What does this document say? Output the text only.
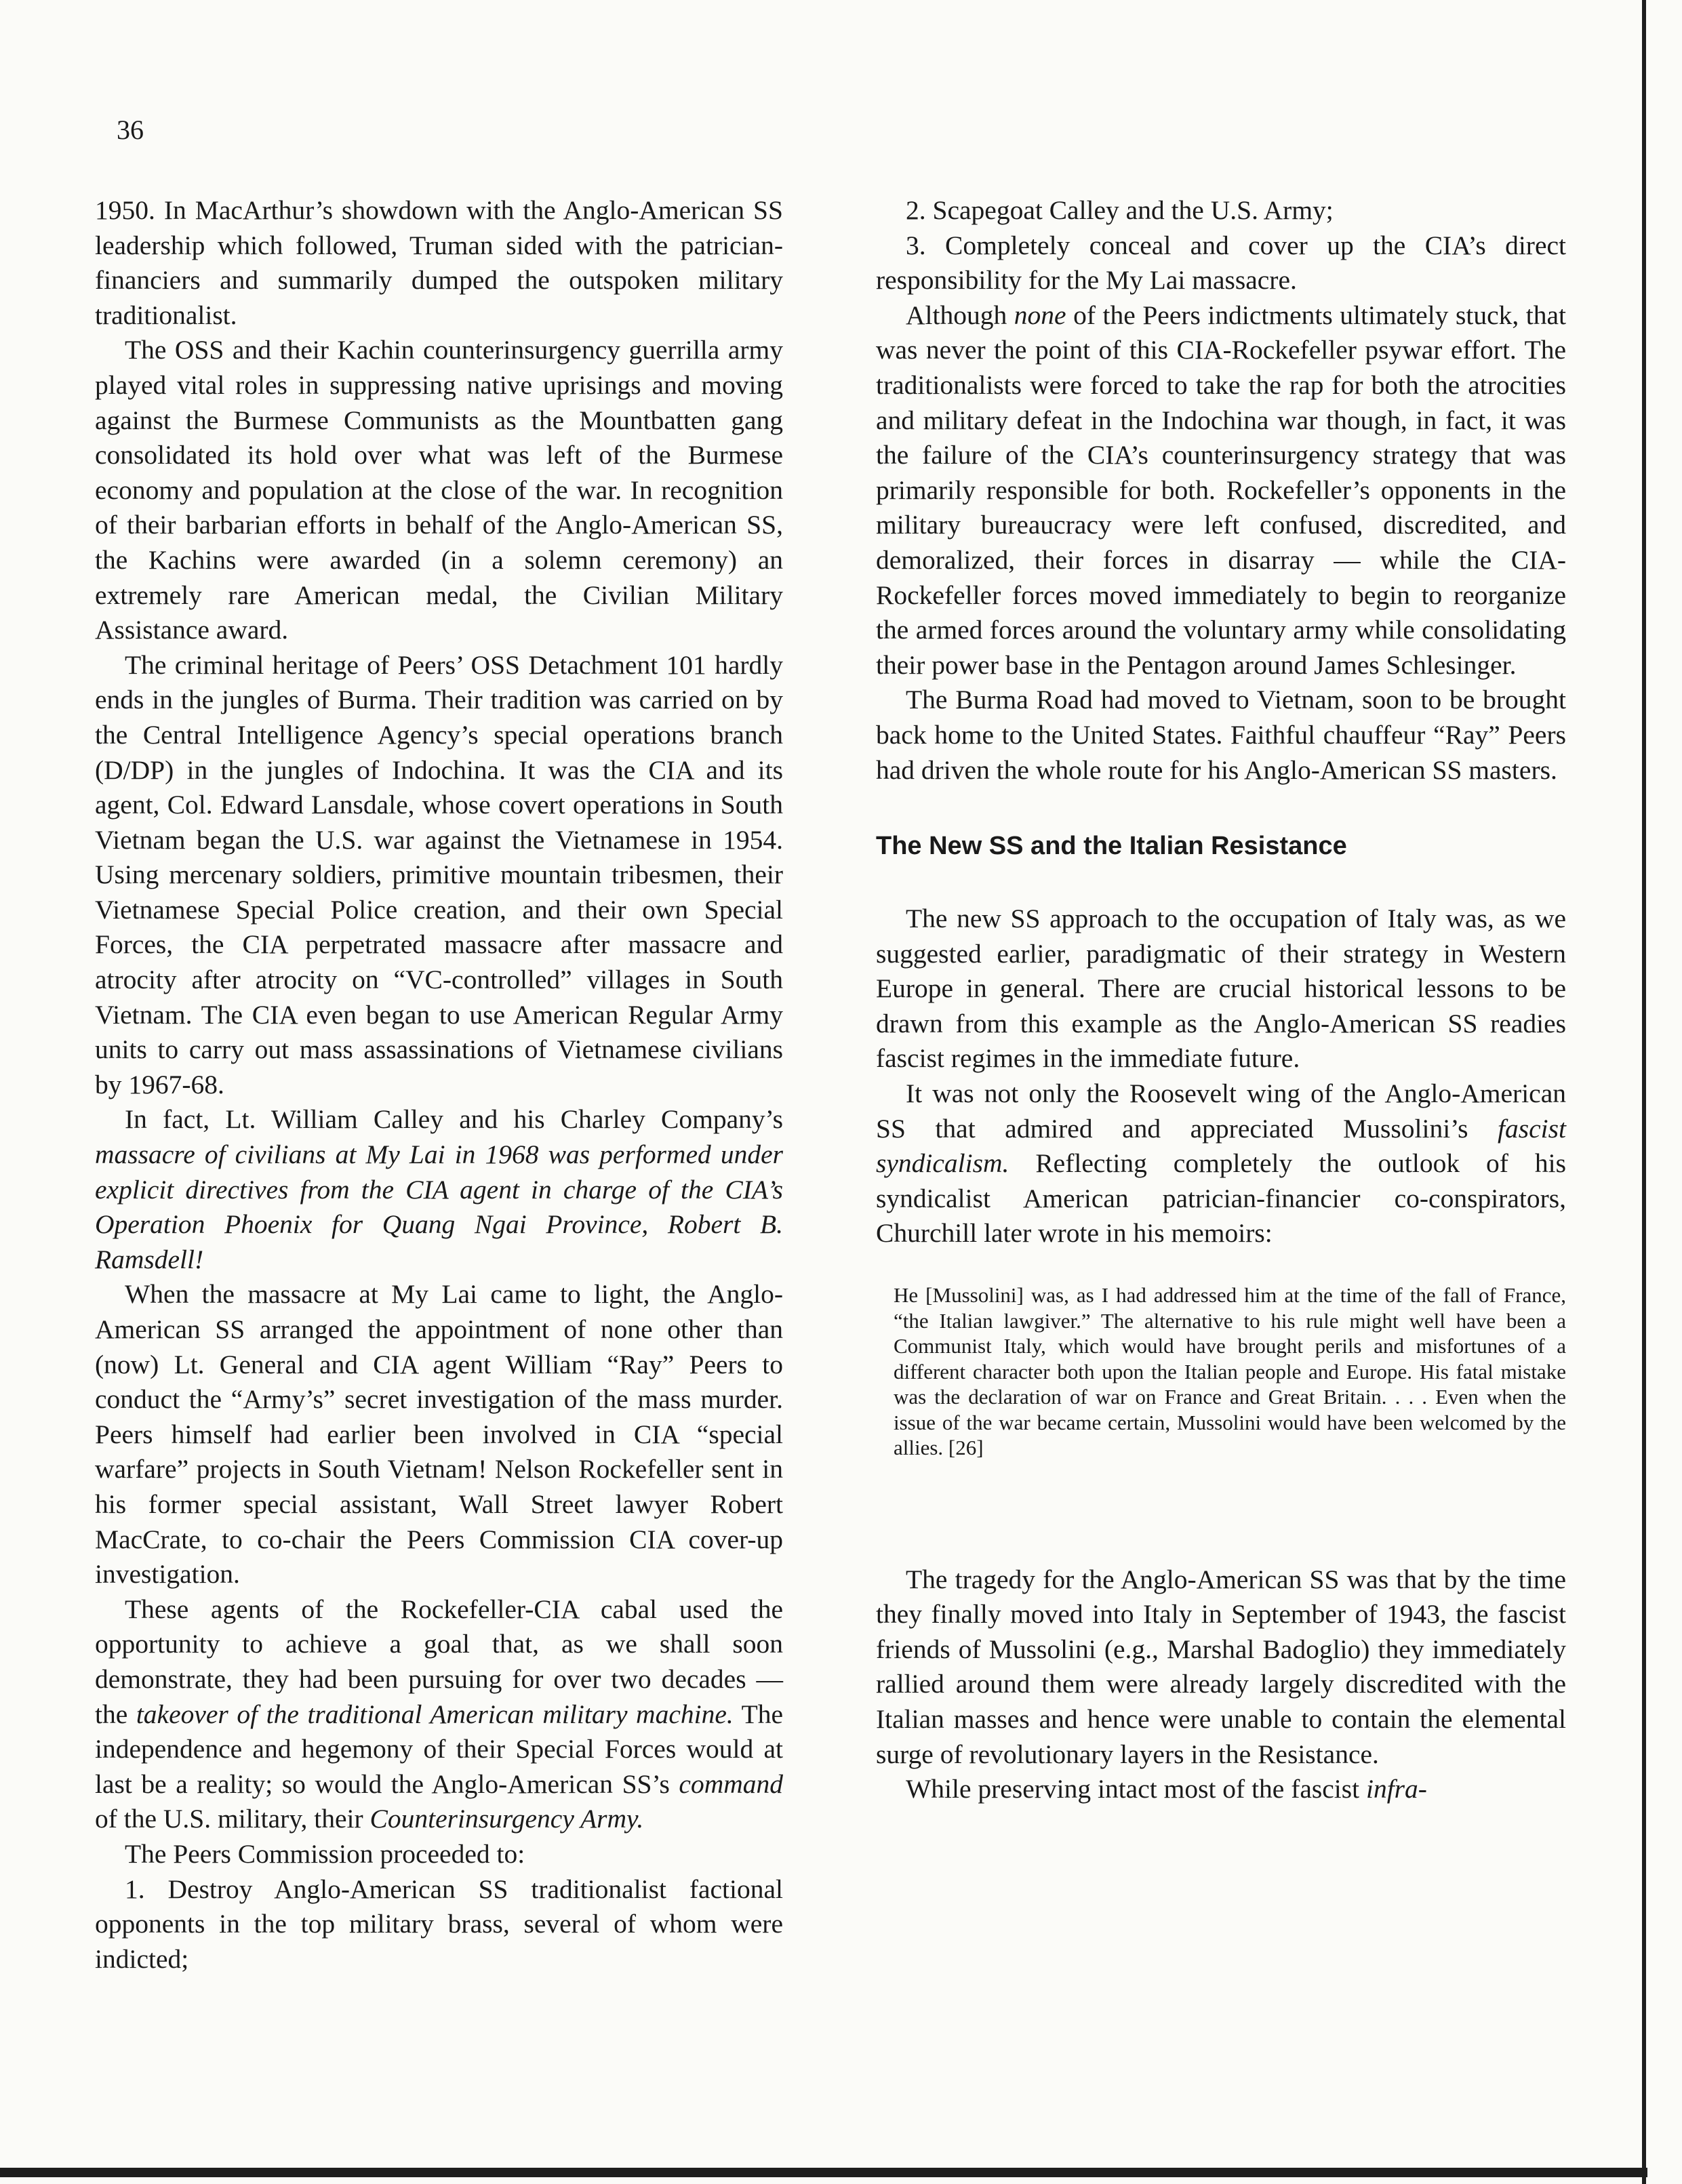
36

1950. In MacArthur’s showdown with the Anglo-American SS leadership which followed, Truman sided with the patrician-financiers and summarily dumped the outspoken military traditionalist.

The OSS and their Kachin counterinsurgency guerrilla army played vital roles in suppressing native uprisings and moving against the Burmese Communists as the Mountbatten gang consolidated its hold over what was left of the Burmese economy and population at the close of the war. In recognition of their barbarian efforts in behalf of the Anglo-American SS, the Kachins were awarded (in a solemn ceremony) an extremely rare American medal, the Civilian Military Assistance award.

The criminal heritage of Peers’ OSS Detachment 101 hardly ends in the jungles of Burma. Their tradition was carried on by the Central Intelligence Agency’s special operations branch (D/DP) in the jungles of Indochina. It was the CIA and its agent, Col. Edward Lansdale, whose covert operations in South Vietnam began the U.S. war against the Vietnamese in 1954. Using mercenary soldiers, primitive mountain tribesmen, their Vietnamese Special Police creation, and their own Special Forces, the CIA perpetrated massacre after massacre and atrocity after atrocity on “VC-controlled” villages in South Vietnam. The CIA even began to use American Regular Army units to carry out mass assassinations of Vietnamese civilians by 1967-68.

In fact, Lt. William Calley and his Charley Company’s massacre of civilians at My Lai in 1968 was performed under explicit directives from the CIA agent in charge of the CIA’s Operation Phoenix for Quang Ngai Province, Robert B. Ramsdell!

When the massacre at My Lai came to light, the Anglo-American SS arranged the appointment of none other than (now) Lt. General and CIA agent William “Ray” Peers to conduct the “Army’s” secret investigation of the mass murder. Peers himself had earlier been involved in CIA “special warfare” projects in South Vietnam! Nelson Rockefeller sent in his former special assistant, Wall Street lawyer Robert MacCrate, to co-chair the Peers Commission CIA cover-up investigation.

These agents of the Rockefeller-CIA cabal used the opportunity to achieve a goal that, as we shall soon demonstrate, they had been pursuing for over two decades — the takeover of the traditional American military machine. The independence and hegemony of their Special Forces would at last be a reality; so would the Anglo-American SS’s command of the U.S. military, their Counterinsurgency Army.

The Peers Commission proceeded to:

1. Destroy Anglo-American SS traditionalist factional opponents in the top military brass, several of whom were indicted;

2. Scapegoat Calley and the U.S. Army;

3. Completely conceal and cover up the CIA’s direct responsibility for the My Lai massacre.

Although none of the Peers indictments ultimately stuck, that was never the point of this CIA-Rockefeller psywar effort. The traditionalists were forced to take the rap for both the atrocities and military defeat in the Indochina war though, in fact, it was the failure of the CIA’s counterinsurgency strategy that was primarily responsible for both. Rockefeller’s opponents in the military bureaucracy were left confused, discredited, and demoralized, their forces in disarray — while the CIA-Rockefeller forces moved immediately to begin to reorganize the armed forces around the voluntary army while consolidating their power base in the Pentagon around James Schlesinger.

The Burma Road had moved to Vietnam, soon to be brought back home to the United States. Faithful chauffeur “Ray” Peers had driven the whole route for his Anglo-American SS masters.

The New SS and the Italian Resistance

The new SS approach to the occupation of Italy was, as we suggested earlier, paradigmatic of their strategy in Western Europe in general. There are crucial historical lessons to be drawn from this example as the Anglo-American SS readies fascist regimes in the immediate future.

It was not only the Roosevelt wing of the Anglo-American SS that admired and appreciated Mussolini’s fascist syndicalism. Reflecting completely the outlook of his syndicalist American patrician-financier co-conspirators, Churchill later wrote in his memoirs:

He [Mussolini] was, as I had addressed him at the time of the fall of France, “the Italian lawgiver.” The alternative to his rule might well have been a Communist Italy, which would have brought perils and misfortunes of a different character both upon the Italian people and Europe. His fatal mistake was the declaration of war on France and Great Britain. . . . Even when the issue of the war became certain, Mussolini would have been welcomed by the allies. [26]

The tragedy for the Anglo-American SS was that by the time they finally moved into Italy in September of 1943, the fascist friends of Mussolini (e.g., Marshal Badoglio) they immediately rallied around them were already largely discredited with the Italian masses and hence were unable to contain the elemental surge of revolutionary layers in the Resistance.

While preserving intact most of the fascist infra-
